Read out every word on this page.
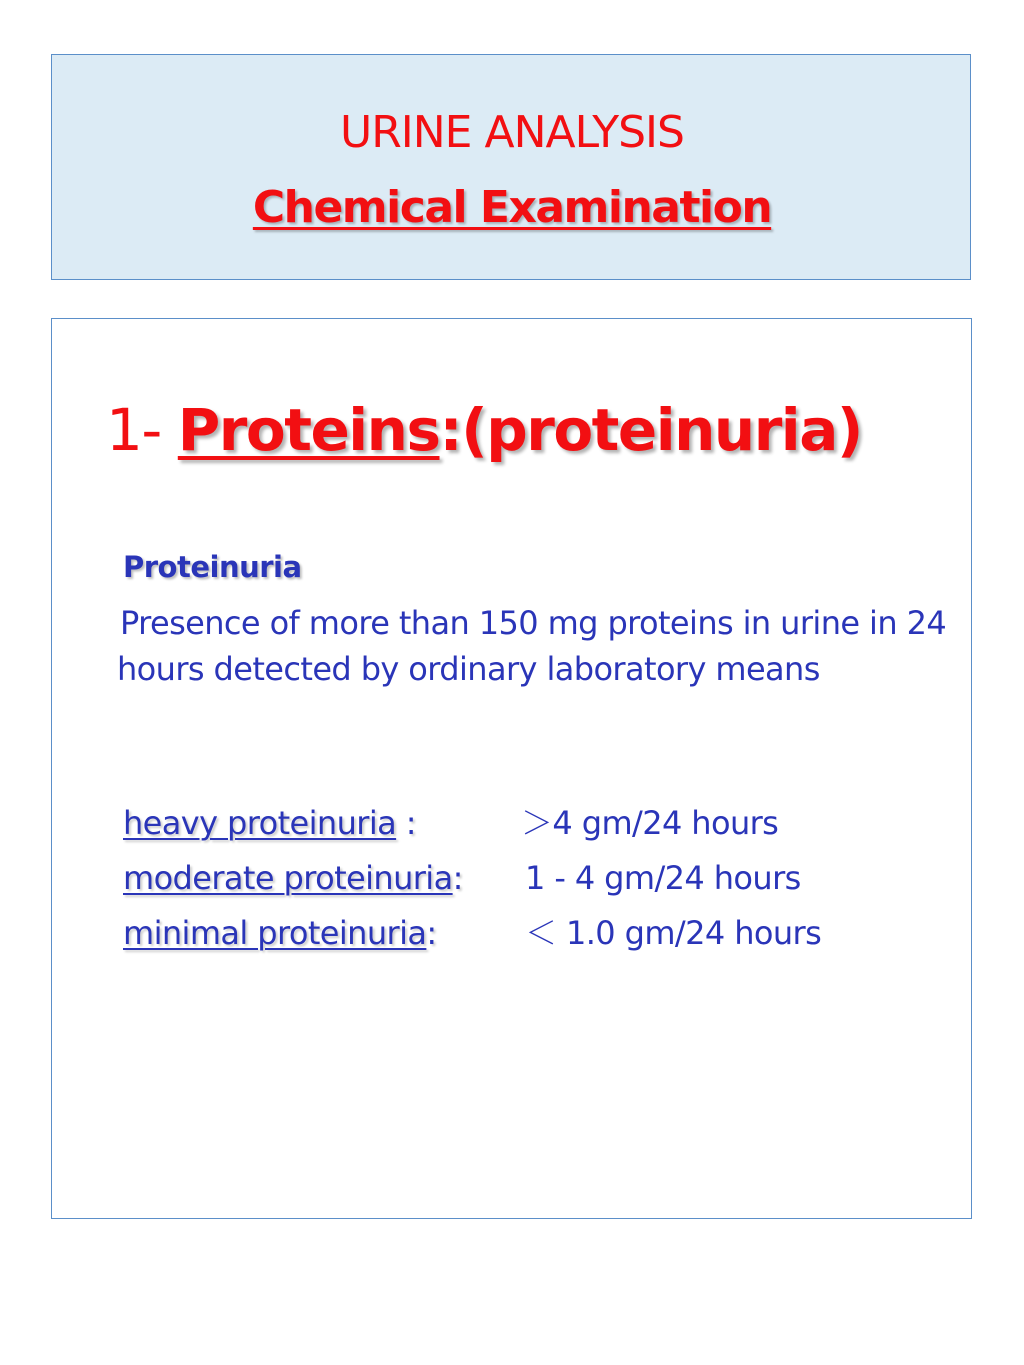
URINE ANALYSIS
Chemical Examination
1- Proteins:(proteinuria)
Proteinuria
Presence of more than 150 mg proteins in urine in 24 hours detected by ordinary laboratory means
heavy proteinuria :	＞4 gm/24 hours
moderate proteinuria: 1 - 4 gm/24 hours
minimal proteinuria:	＜ 1.0 gm/24 hours
